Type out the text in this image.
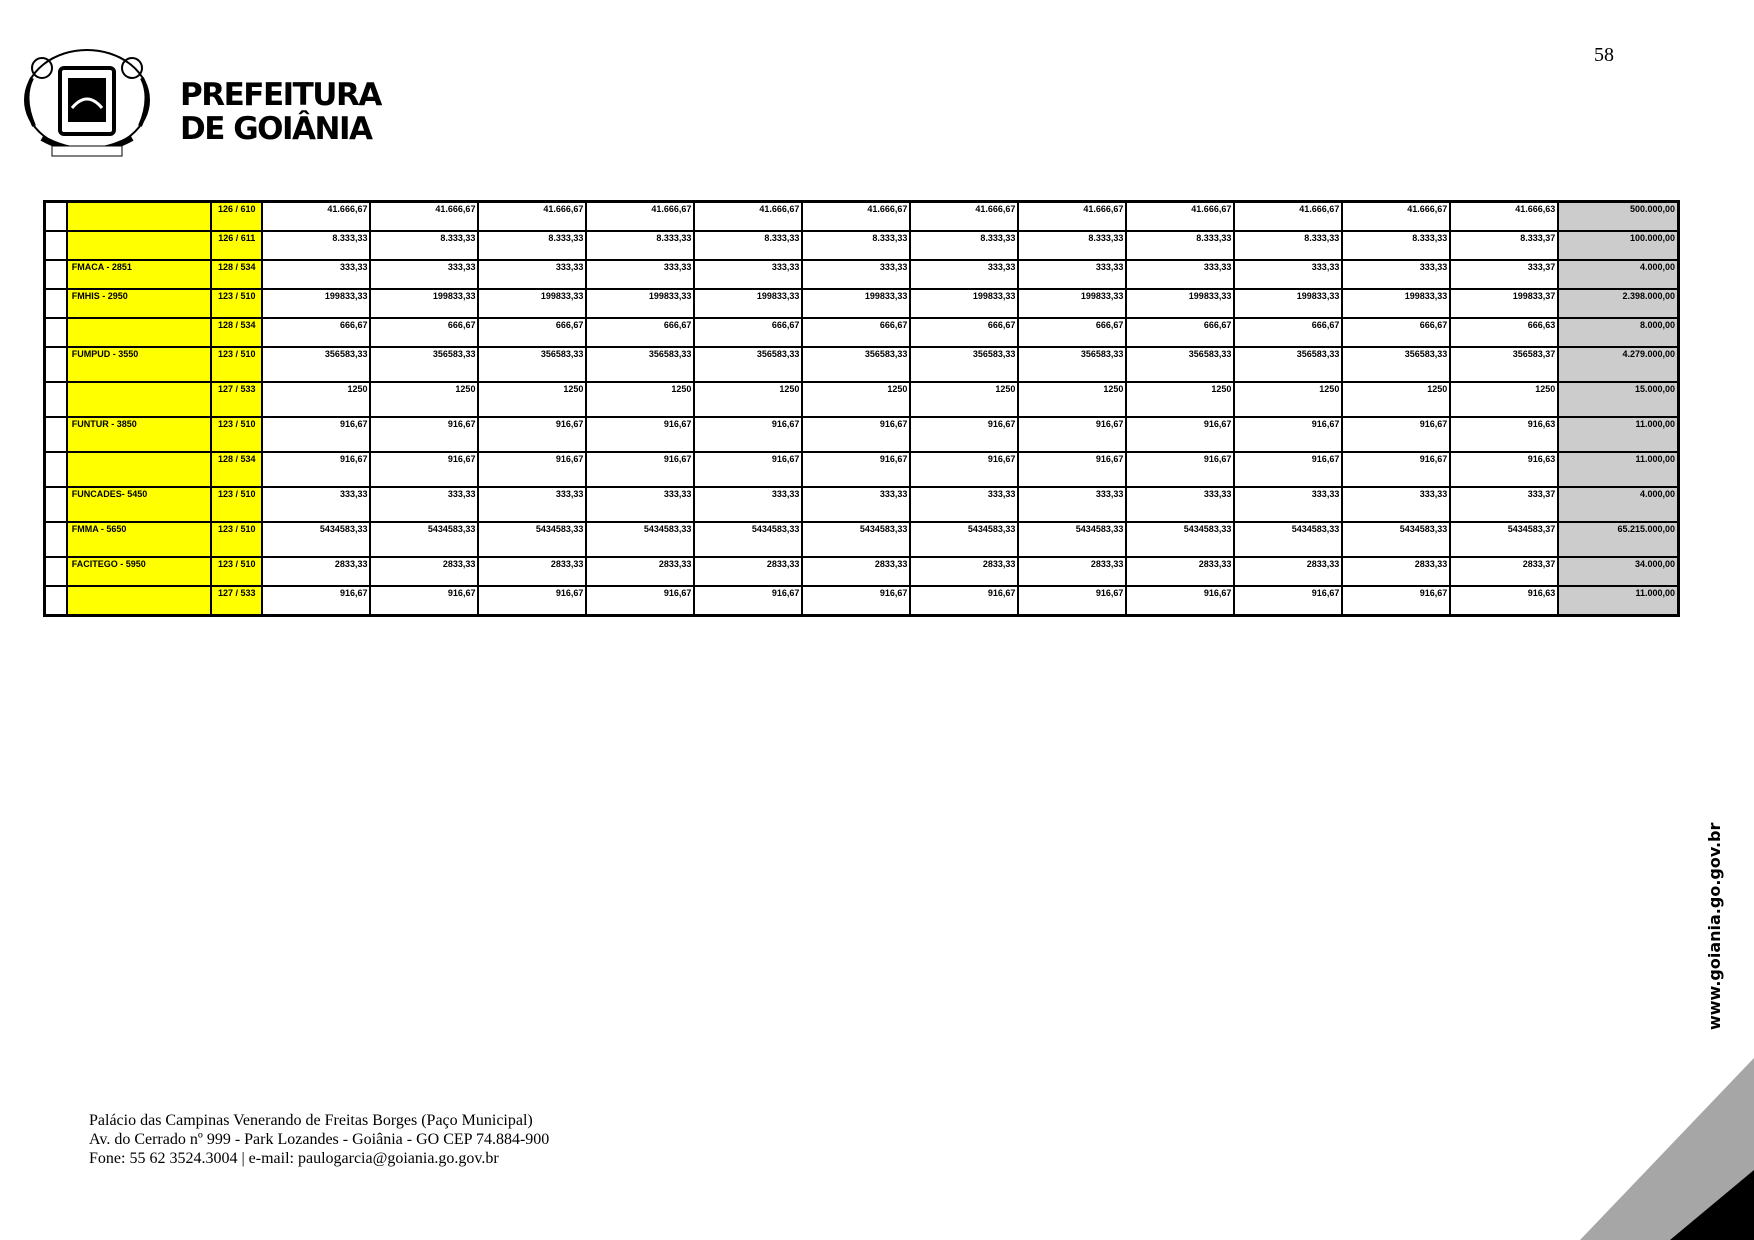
58
PREFEITURA
DE GOIÂNIA
		126 / 610	41.666,67	41.666,67	41.666,67	41.666,67	41.666,67	41.666,67	41.666,67	41.666,67	41.666,67	41.666,67	41.666,67	41.666,63	500.000,00
		126 / 611	8.333,33	8.333,33	8.333,33	8.333,33	8.333,33	8.333,33	8.333,33	8.333,33	8.333,33	8.333,33	8.333,33	8.333,37	100.000,00
	FMACA - 2851	128 / 534	333,33	333,33	333,33	333,33	333,33	333,33	333,33	333,33	333,33	333,33	333,33	333,37	4.000,00
	FMHIS - 2950	123 / 510	199833,33	199833,33	199833,33	199833,33	199833,33	199833,33	199833,33	199833,33	199833,33	199833,33	199833,33	199833,37	2.398.000,00
		128 / 534	666,67	666,67	666,67	666,67	666,67	666,67	666,67	666,67	666,67	666,67	666,67	666,63	8.000,00
	FUMPUD - 3550	123 / 510	356583,33	356583,33	356583,33	356583,33	356583,33	356583,33	356583,33	356583,33	356583,33	356583,33	356583,33	356583,37	4.279.000,00
		127 / 533	1250	1250	1250	1250	1250	1250	1250	1250	1250	1250	1250	1250	15.000,00
	FUNTUR - 3850	123 / 510	916,67	916,67	916,67	916,67	916,67	916,67	916,67	916,67	916,67	916,67	916,67	916,63	11.000,00
		128 / 534	916,67	916,67	916,67	916,67	916,67	916,67	916,67	916,67	916,67	916,67	916,67	916,63	11.000,00
	FUNCADES- 5450	123 / 510	333,33	333,33	333,33	333,33	333,33	333,33	333,33	333,33	333,33	333,33	333,33	333,37	4.000,00
	FMMA - 5650	123 / 510	5434583,33	5434583,33	5434583,33	5434583,33	5434583,33	5434583,33	5434583,33	5434583,33	5434583,33	5434583,33	5434583,33	5434583,37	65.215.000,00
	FACITEGO - 5950	123 / 510	2833,33	2833,33	2833,33	2833,33	2833,33	2833,33	2833,33	2833,33	2833,33	2833,33	2833,33	2833,37	34.000,00
		127 / 533	916,67	916,67	916,67	916,67	916,67	916,67	916,67	916,67	916,67	916,67	916,67	916,63	11.000,00
www.goiania.go.gov.br
Palácio das Campinas Venerando de Freitas Borges (Paço Municipal)
Av. do Cerrado nº 999 - Park Lozandes - Goiânia - GO CEP 74.884-900
Fone: 55 62 3524.3004 | e-mail: paulogarcia@goiania.go.gov.br
